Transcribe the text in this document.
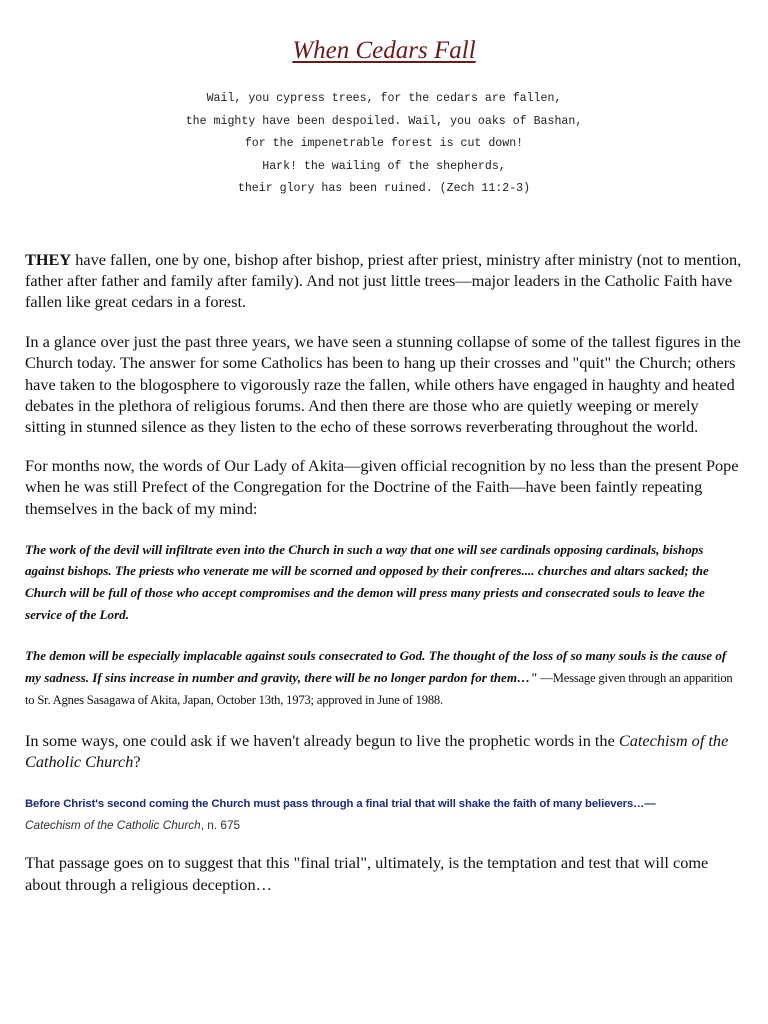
When Cedars Fall
Wail, you cypress trees, for the cedars are fallen,
the mighty have been despoiled. Wail, you oaks of Bashan,
for the impenetrable forest is cut down!
Hark! the wailing of the shepherds,
their glory has been ruined. (Zech 11:2-3)

THEY have fallen, one by one, bishop after bishop, priest after priest, ministry after ministry (not to mention, father after father and family after family). And not just little trees—major leaders in the Catholic Faith have fallen like great cedars in a forest.

In a glance over just the past three years, we have seen a stunning collapse of some of the tallest figures in the Church today. The answer for some Catholics has been to hang up their crosses and "quit" the Church; others have taken to the blogosphere to vigorously raze the fallen, while others have engaged in haughty and heated debates in the plethora of religious forums. And then there are those who are quietly weeping or merely sitting in stunned silence as they listen to the echo of these sorrows reverberating throughout the world.

For months now, the words of Our Lady of Akita—given official recognition by no less than the present Pope when he was still Prefect of the Congregation for the Doctrine of the Faith—have been faintly repeating themselves in the back of my mind:

The work of the devil will infiltrate even into the Church in such a way that one will see cardinals opposing cardinals, bishops against bishops. The priests who venerate me will be scorned and opposed by their confreres.... churches and altars sacked; the Church will be full of those who accept compromises and the demon will press many priests and consecrated souls to leave the service of the Lord.

The demon will be especially implacable against souls consecrated to God. The thought of the loss of so many souls is the cause of my sadness. If sins increase in number and gravity, there will be no longer pardon for them…" —Message given through an apparition to Sr. Agnes Sasagawa of Akita, Japan, October 13th, 1973; approved in June of 1988.

In some ways, one could ask if we haven't already begun to live the prophetic words in the Catechism of the Catholic Church?

Before Christ's second coming the Church must pass through a final trial that will shake the faith of many believers…—

Catechism of the Catholic Church, n. 675

That passage goes on to suggest that this "final trial", ultimately, is the temptation and test that will come about through a religious deception…
